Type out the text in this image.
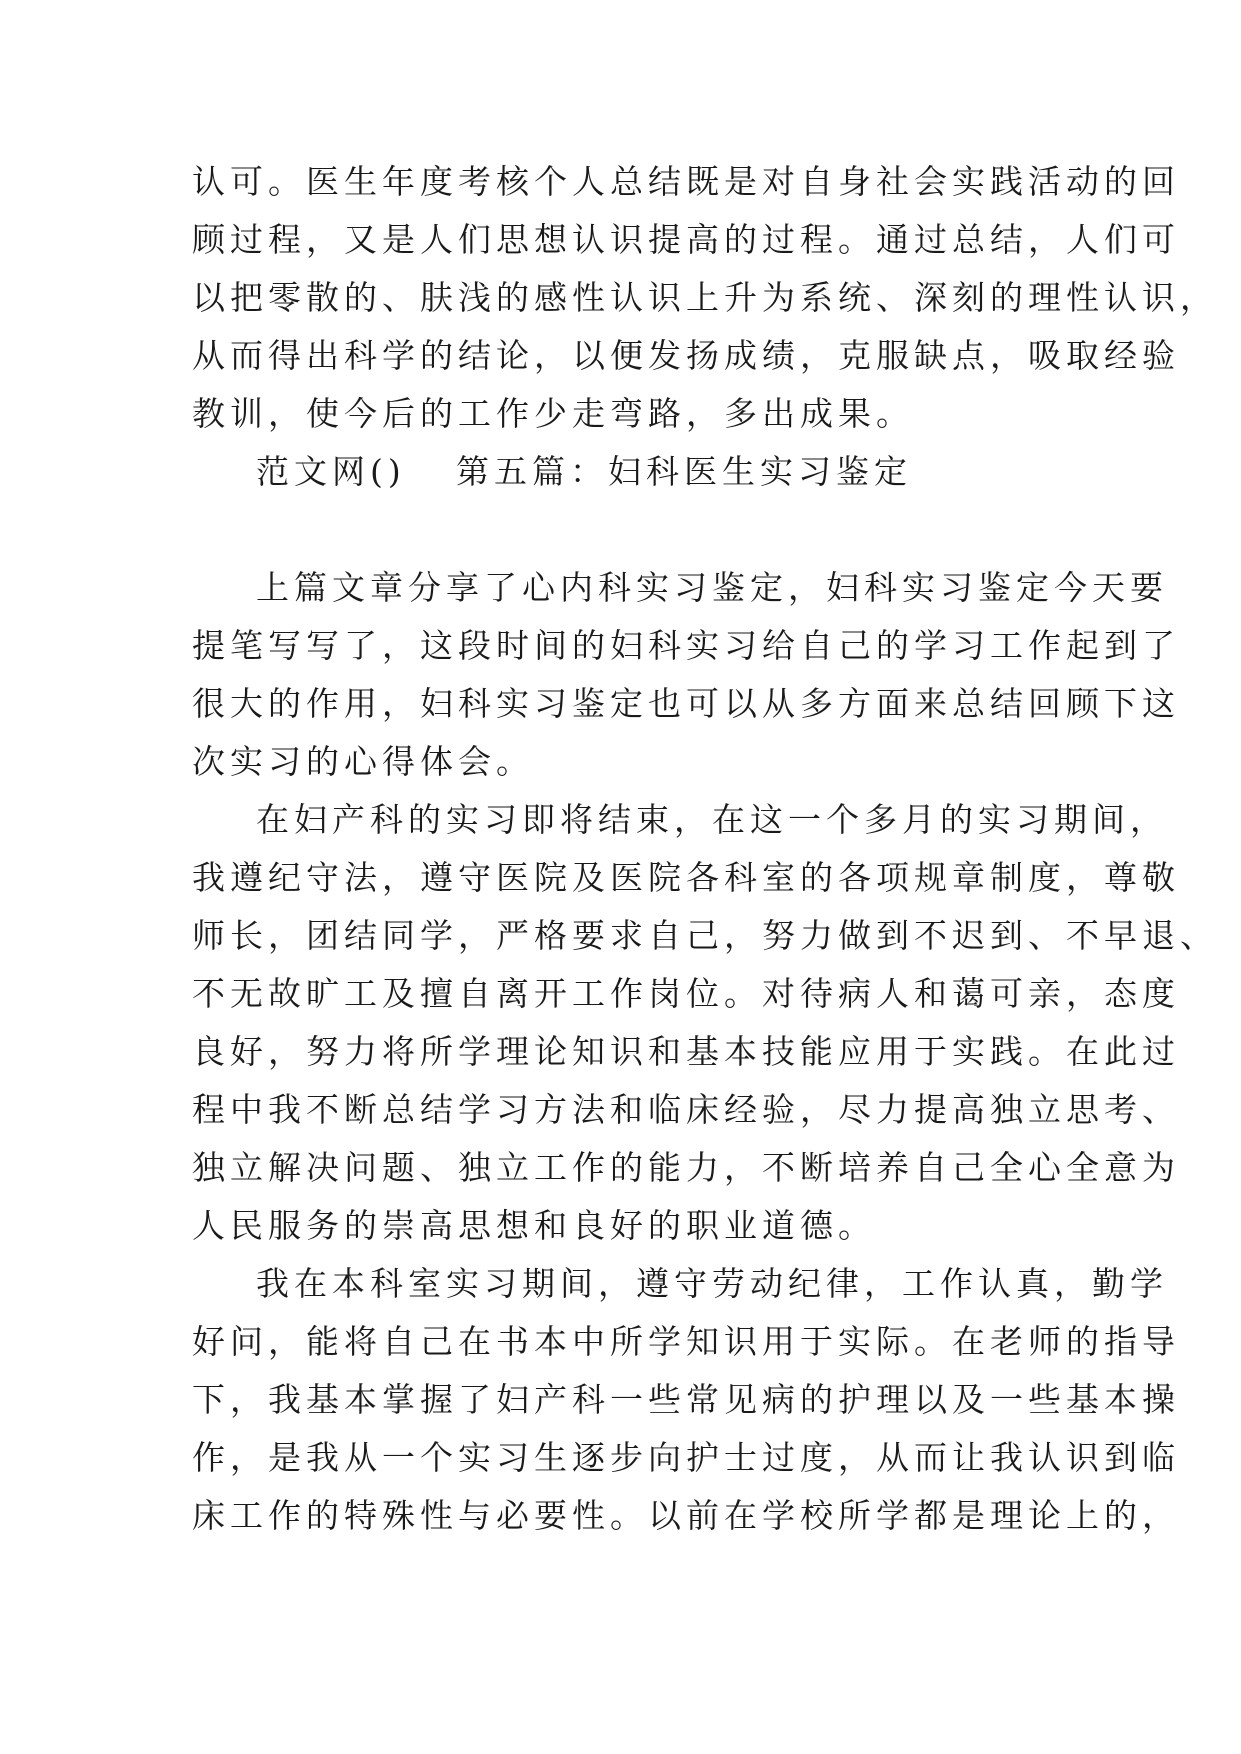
认可。医生年度考核个人总结既是对自身社会实践活动的回
顾过程，又是人们思想认识提高的过程。通过总结，人们可
以把零散的、肤浅的感性认识上升为系统、深刻的理性认识，
从而得出科学的结论，以便发扬成绩，克服缺点，吸取经验
教训，使今后的工作少走弯路，多出成果。
范文网() 第五篇：妇科医生实习鉴定
上篇文章分享了心内科实习鉴定，妇科实习鉴定今天要
提笔写写了，这段时间的妇科实习给自己的学习工作起到了
很大的作用，妇科实习鉴定也可以从多方面来总结回顾下这
次实习的心得体会。
在妇产科的实习即将结束，在这一个多月的实习期间，
我遵纪守法，遵守医院及医院各科室的各项规章制度，尊敬
师长，团结同学，严格要求自己，努力做到不迟到、不早退、
不无故旷工及擅自离开工作岗位。对待病人和蔼可亲，态度
良好，努力将所学理论知识和基本技能应用于实践。在此过
程中我不断总结学习方法和临床经验，尽力提高独立思考、
独立解决问题、独立工作的能力，不断培养自己全心全意为
人民服务的崇高思想和良好的职业道德。
我在本科室实习期间，遵守劳动纪律，工作认真，勤学
好问，能将自己在书本中所学知识用于实际。在老师的指导
下，我基本掌握了妇产科一些常见病的护理以及一些基本操
作，是我从一个实习生逐步向护士过度，从而让我认识到临
床工作的特殊性与必要性。以前在学校所学都是理论上的，
